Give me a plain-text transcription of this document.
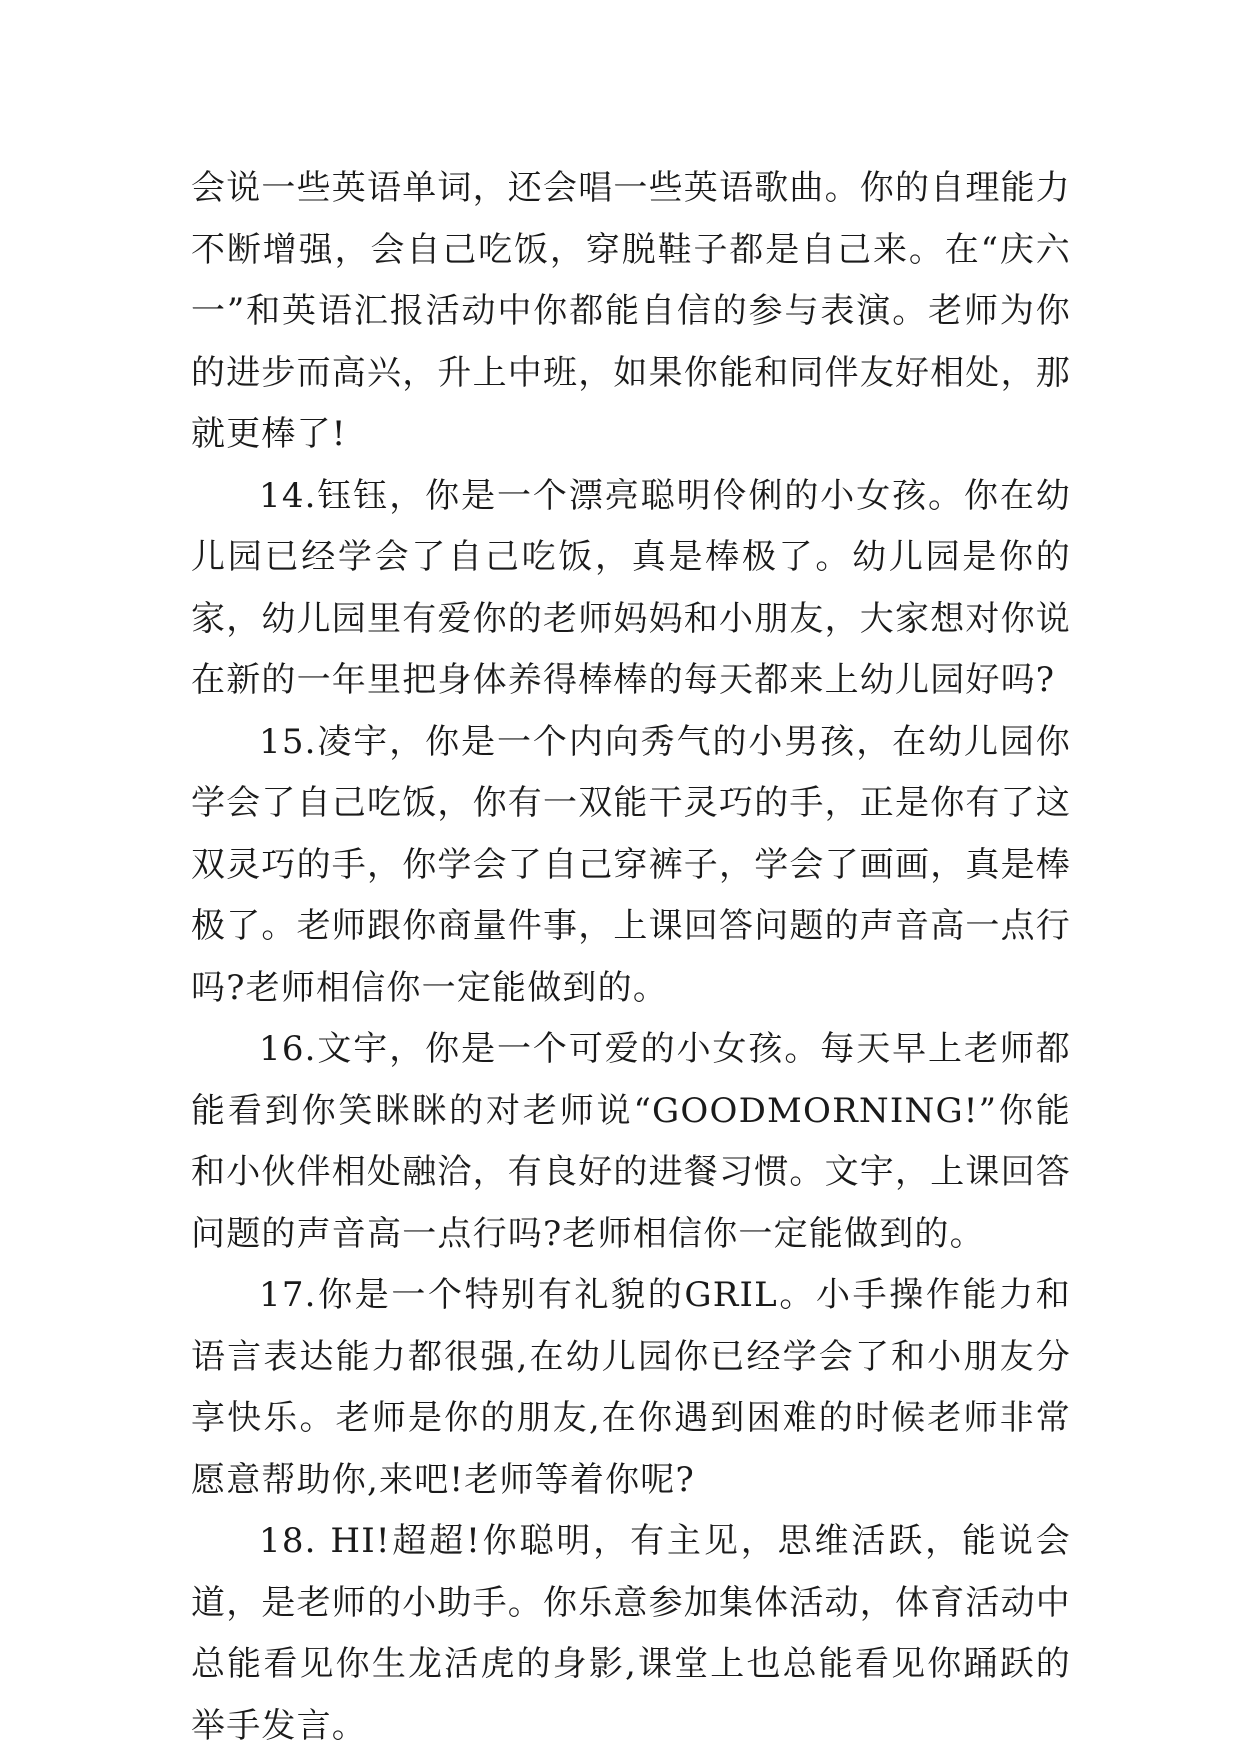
会说一些英语单词，还会唱一些英语歌曲。你的自理能力不断增强，会自己吃饭，穿脱鞋子都是自己来。在“庆六一”和英语汇报活动中你都能自信的参与表演。老师为你的进步而高兴，升上中班，如果你能和同伴友好相处，那就更棒了!

14.钰钰，你是一个漂亮聪明伶俐的小女孩。你在幼儿园已经学会了自己吃饭，真是棒极了。幼儿园是你的家，幼儿园里有爱你的老师妈妈和小朋友，大家想对你说在新的一年里把身体养得棒棒的每天都来上幼儿园好吗?

15.凌宇，你是一个内向秀气的小男孩，在幼儿园你学会了自己吃饭，你有一双能干灵巧的手，正是你有了这双灵巧的手，你学会了自己穿裤子，学会了画画，真是棒极了。老师跟你商量件事，上课回答问题的声音高一点行吗?老师相信你一定能做到的。

16.文宇，你是一个可爱的小女孩。每天早上老师都能看到你笑眯眯的对老师说“GOODMORNING!”你能和小伙伴相处融洽，有良好的进餐习惯。文宇，上课回答问题的声音高一点行吗?老师相信你一定能做到的。

17.你是一个特别有礼貌的GRIL。小手操作能力和语言表达能力都很强,在幼儿园你已经学会了和小朋友分享快乐。老师是你的朋友,在你遇到困难的时候老师非常愿意帮助你,来吧!老师等着你呢?

18. HI!超超!你聪明，有主见，思维活跃，能说会道，是老师的小助手。你乐意参加集体活动，体育活动中总能看见你生龙活虎的身影,课堂上也总能看见你踊跃的举手发言。
